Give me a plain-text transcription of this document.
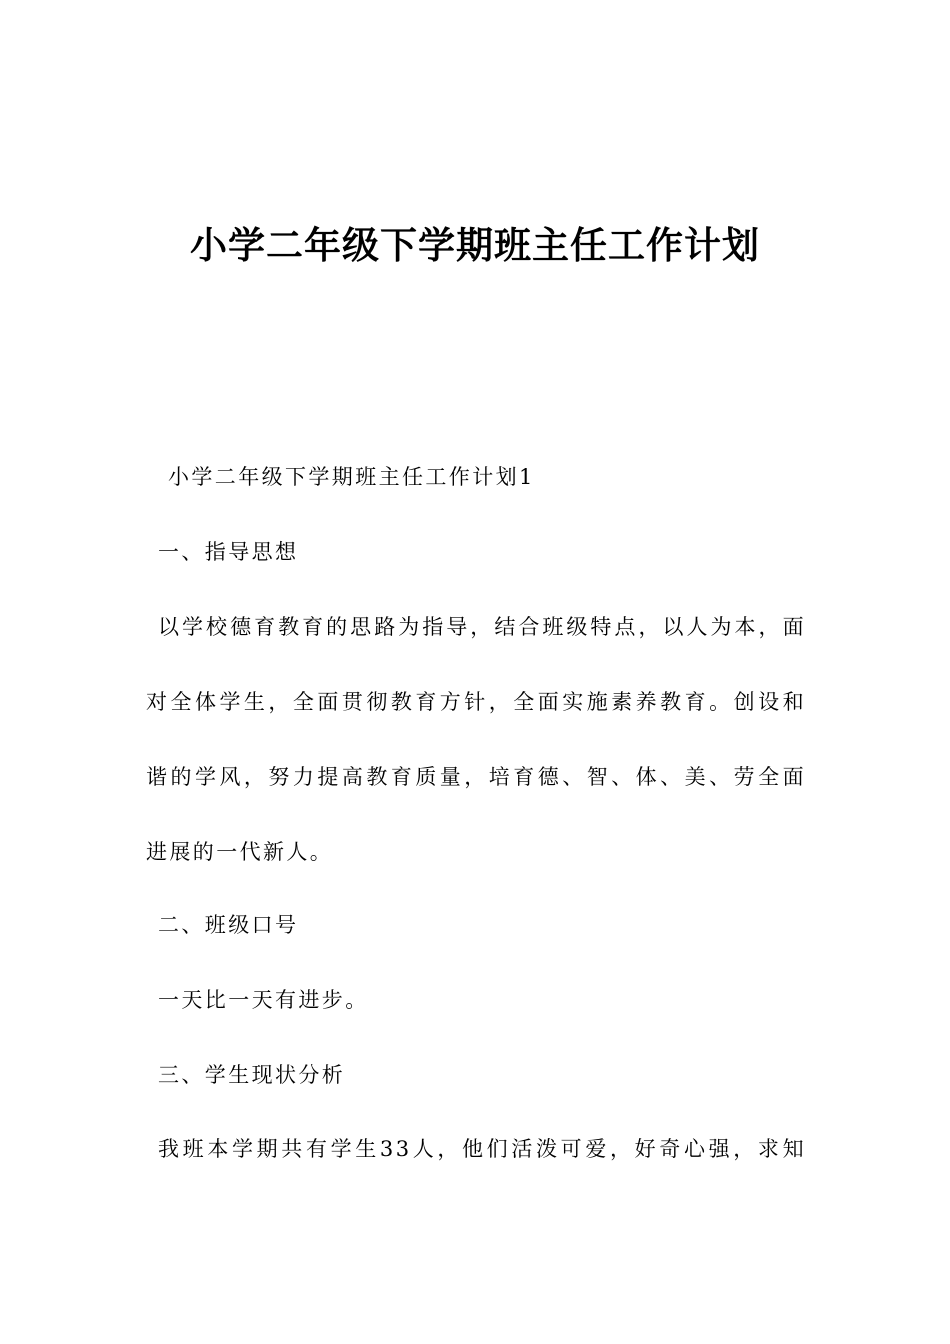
小学二年级下学期班主任工作计划

小学二年级下学期班主任工作计划1

一、指导思想

以学校德育教育的思路为指导，结合班级特点，以人为本，面

对全体学生，全面贯彻教育方针，全面实施素养教育。创设和

谐的学风，努力提高教育质量，培育德、智、体、美、劳全面

进展的一代新人。

二、班级口号

一天比一天有进步。

三、学生现状分析

我班本学期共有学生33人，他们活泼可爱，好奇心强，求知
